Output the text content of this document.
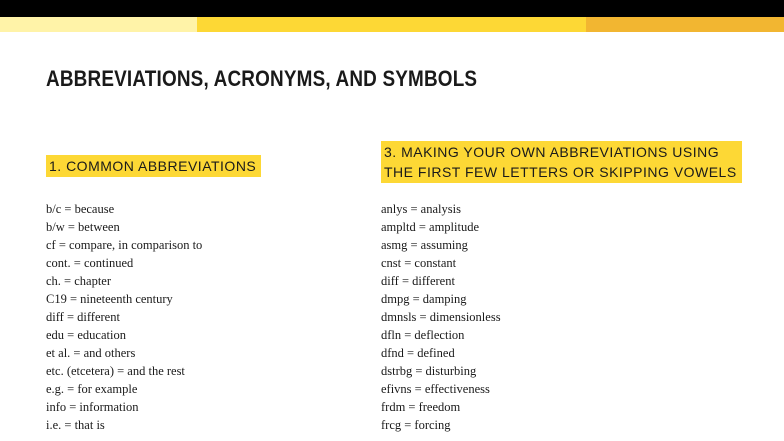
ABBREVIATIONS, ACRONYMS, AND SYMBOLS
1. COMMON ABBREVIATIONS
b/c = because
b/w = between
cf = compare, in comparison to
cont. = continued
ch. = chapter
C19 = nineteenth century
diff = different
edu = education
et al. = and others
etc. (etcetera) = and the rest
e.g. = for example
info = information
i.e. = that is
3. MAKING YOUR OWN ABBREVIATIONS USING
THE FIRST FEW LETTERS OR SKIPPING VOWELS
anlys = analysis
ampltd = amplitude
asmg = assuming
cnst = constant
diff = different
dmpg = damping
dmnsls = dimensionless
dfln = deflection
dfnd = defined
dstrbg = disturbing
efivns = effectiveness
frdm = freedom
frcg = forcing
